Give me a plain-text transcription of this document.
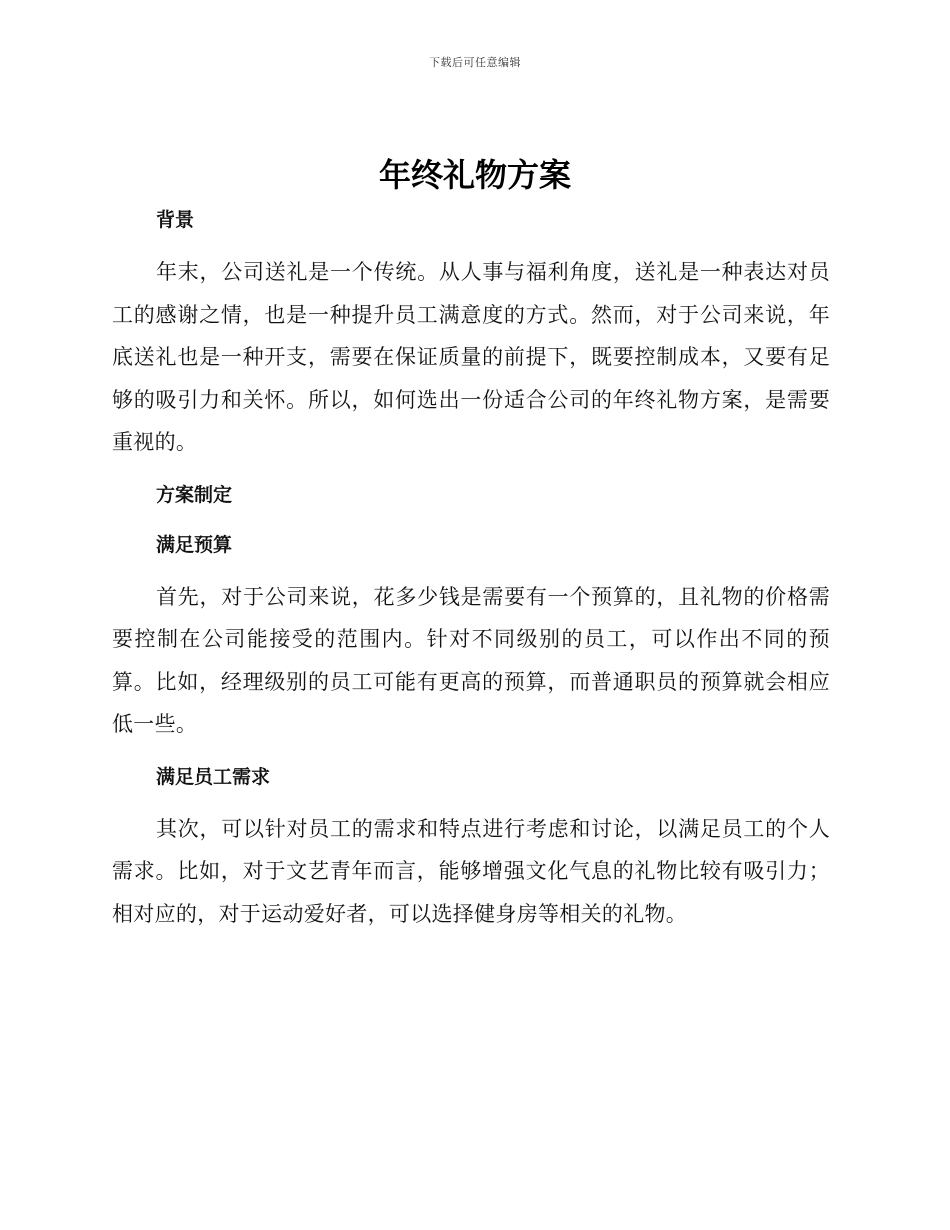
下载后可任意编辑
年终礼物方案
背景

年末，公司送礼是一个传统。从人事与福利角度，送礼是一种表达对员工的感谢之情，也是一种提升员工满意度的方式。然而，对于公司来说，年底送礼也是一种开支，需要在保证质量的前提下，既要控制成本，又要有足够的吸引力和关怀。所以，如何选出一份适合公司的年终礼物方案，是需要重视的。

方案制定
满足预算

首先，对于公司来说，花多少钱是需要有一个预算的，且礼物的价格需要控制在公司能接受的范围内。针对不同级别的员工，可以作出不同的预算。比如，经理级别的员工可能有更高的预算，而普通职员的预算就会相应低一些。

满足员工需求

其次，可以针对员工的需求和特点进行考虑和讨论，以满足员工的个人需求。比如，对于文艺青年而言，能够增强文化气息的礼物比较有吸引力；相对应的，对于运动爱好者，可以选择健身房等相关的礼物。
